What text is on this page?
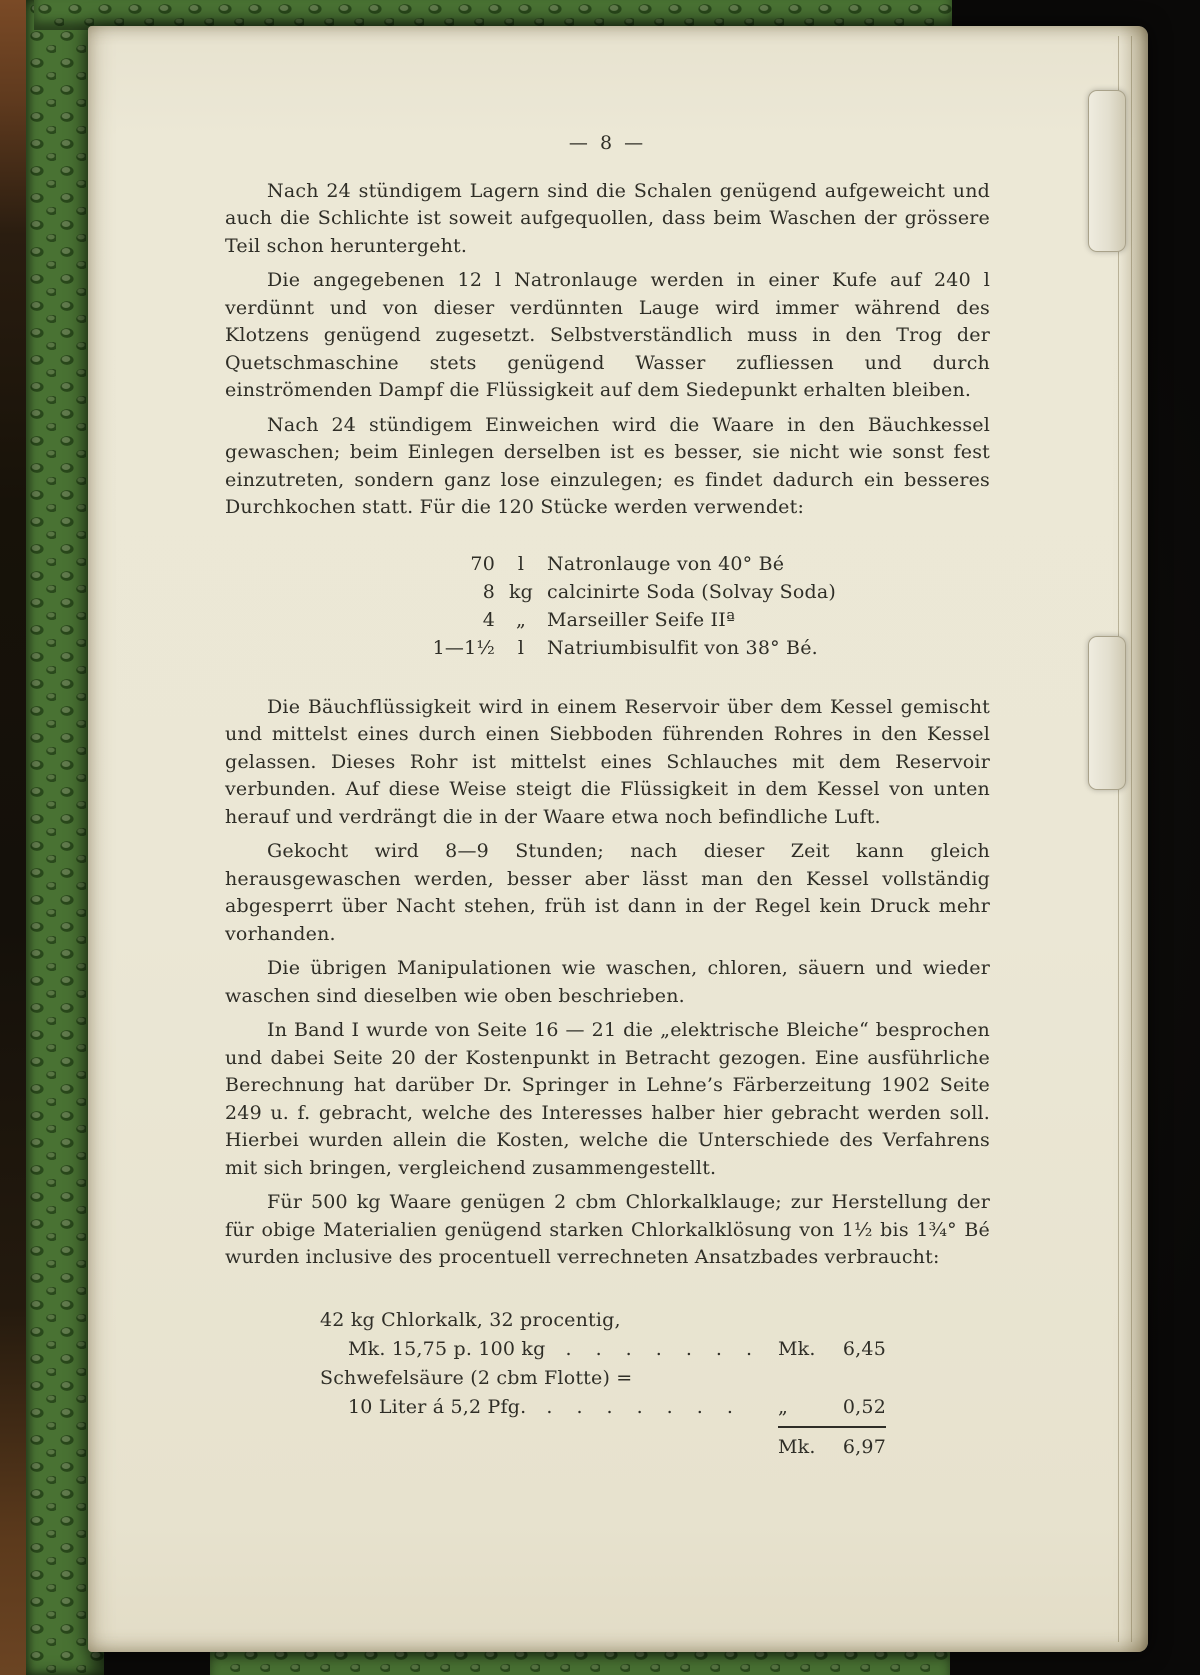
— 8 —

Nach 24 stündigem Lagern sind die Schalen genügend aufgeweicht und auch die Schlichte ist soweit aufgequollen, dass beim Waschen der grössere Teil schon heruntergeht.

Die angegebenen 12 l Natronlauge werden in einer Kufe auf 240 l verdünnt und von dieser verdünnten Lauge wird immer während des Klotzens genügend zugesetzt. Selbstverständlich muss in den Trog der Quetschmaschine stets genügend Wasser zufliessen und durch einströmenden Dampf die Flüssigkeit auf dem Siedepunkt erhalten bleiben.

Nach 24 stündigem Einweichen wird die Waare in den Bäuchkessel gewaschen; beim Einlegen derselben ist es besser, sie nicht wie sonst fest einzutreten, sondern ganz lose einzulegen; es findet dadurch ein besseres Durchkochen statt. Für die 120 Stücke werden verwendet:

70	l	Natronlauge von 40° Bé
8 kg calcinirte Soda (Solvay Soda)
4	„	Marseiller Seife IIª
1—1½	l	Natriumbisulfit von 38° Bé.

Die Bäuchflüssigkeit wird in einem Reservoir über dem Kessel gemischt und mittelst eines durch einen Siebboden führenden Rohres in den Kessel gelassen. Dieses Rohr ist mittelst eines Schlauches mit dem Reservoir verbunden. Auf diese Weise steigt die Flüssigkeit in dem Kessel von unten herauf und verdrängt die in der Waare etwa noch befindliche Luft.

Gekocht wird 8—9 Stunden; nach dieser Zeit kann gleich herausgewaschen werden, besser aber lässt man den Kessel vollständig abgesperrt über Nacht stehen, früh ist dann in der Regel kein Druck mehr vorhanden.

Die übrigen Manipulationen wie waschen, chloren, säuern und wieder waschen sind dieselben wie oben beschrieben.

In Band I wurde von Seite 16 — 21 die „elektrische Bleiche“ besprochen und dabei Seite 20 der Kostenpunkt in Betracht gezogen. Eine ausführliche Berechnung hat darüber Dr. Springer in Lehne’s Färberzeitung 1902 Seite 249 u. f. gebracht, welche des Interesses halber hier gebracht werden soll. Hierbei wurden allein die Kosten, welche die Unterschiede des Verfahrens mit sich bringen, vergleichend zusammengestellt.

Für 500 kg Waare genügen 2 cbm Chlorkalklauge; zur Herstellung der für obige Materialien genügend starken Chlorkalklösung von 1½ bis 1¾° Bé wurden inclusive des procentuell verrechneten Ansatzbades verbraucht:

42 kg Chlorkalk, 32 procentig,
Mk. 15,75 p. 100 kg . . . . . . . Mk. 6,45
Schwefelsäure (2 cbm Flotte) =
10 Liter á 5,2 Pfg. . . . . . . . „	0,52
Mk. 6,97
